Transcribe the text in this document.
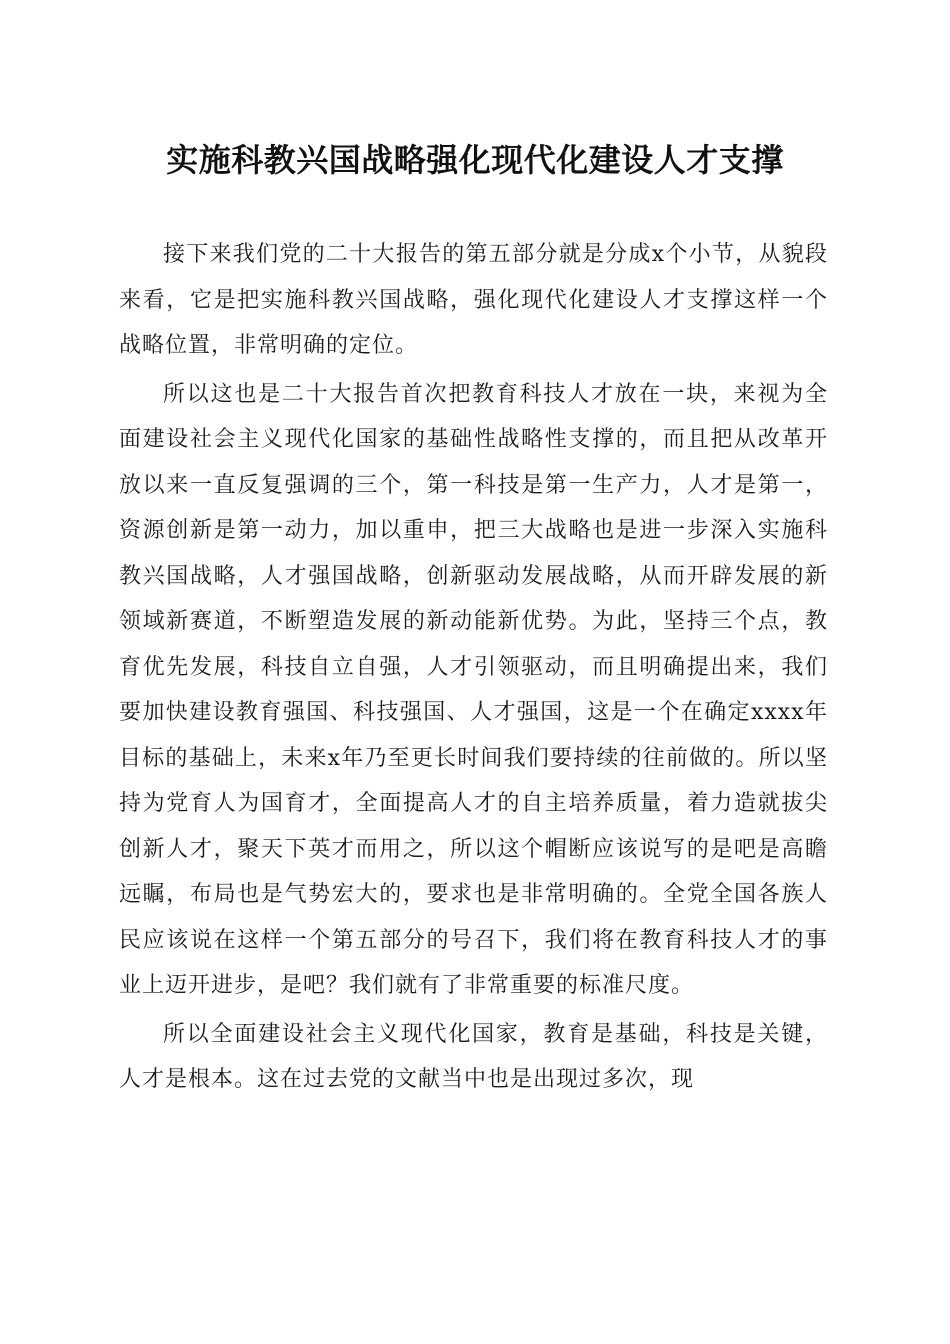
实施科教兴国战略强化现代化建设人才支撑

接下来我们党的二十大报告的第五部分就是分成x个小节，从貌段来看，它是把实施科教兴国战略，强化现代化建设人才支撑这样一个战略位置，非常明确的定位。

所以这也是二十大报告首次把教育科技人才放在一块，来视为全面建设社会主义现代化国家的基础性战略性支撑的，而且把从改革开放以来一直反复强调的三个，第一科技是第一生产力，人才是第一，资源创新是第一动力，加以重申，把三大战略也是进一步深入实施科教兴国战略，人才强国战略，创新驱动发展战略，从而开辟发展的新领域新赛道，不断塑造发展的新动能新优势。为此，坚持三个点，教育优先发展，科技自立自强，人才引领驱动，而且明确提出来，我们要加快建设教育强国、科技强国、人才强国，这是一个在确定xxxx年目标的基础上，未来x年乃至更长时间我们要持续的往前做的。所以坚持为党育人为国育才，全面提高人才的自主培养质量，着力造就拔尖创新人才，聚天下英才而用之，所以这个帽断应该说写的是吧是高瞻远瞩，布局也是气势宏大的，要求也是非常明确的。全党全国各族人民应该说在这样一个第五部分的号召下，我们将在教育科技人才的事业上迈开进步，是吧？我们就有了非常重要的标准尺度。

所以全面建设社会主义现代化国家，教育是基础，科技是关键，人才是根本。这在过去党的文献当中也是出现过多次，现
